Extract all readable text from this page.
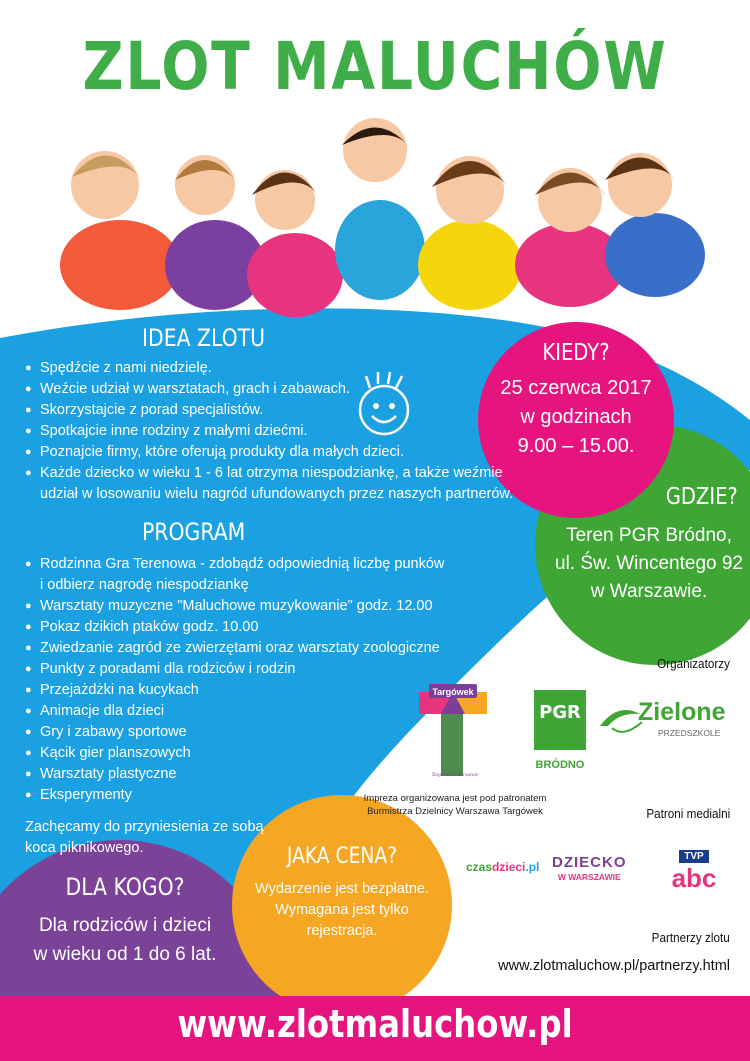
ZLOT MALUCHÓW
IDEA ZLOTU
● Spędźcie z nami niedzielę.
● Weźcie udział w warsztatach, grach i zabawach.
● Skorzystajcie z porad specjalistów.
● Spotkajcie inne rodziny z małymi dziećmi.
● Poznajcie firmy, które oferują produkty dla małych dzieci.
● Każde dziecko w wieku 1 - 6 lat otrzyma niespodziankę, a także weźmie
udział w losowaniu wielu nagród ufundowanych przez naszych partnerów.
PROGRAM
● Rodzinna Gra Terenowa - zdobądź odpowiednią liczbę punków
i odbierz nagrodę niespodziankę
● Warsztaty muzyczne "Maluchowe muzykowanie" godz. 12.00
● Pokaz dzikich ptaków godz. 10.00
● Zwiedzanie zagród ze zwierzętami oraz warsztaty zoologiczne
● Punkty z poradami dla rodziców i rodzin
● Przejażdżki na kucykach
● Animacje dla dzieci
● Gry i zabawy sportowe
● Kącik gier planszowych
● Warsztaty plastyczne
● Eksperymenty
Zachęcamy do przyniesienia ze sobą
koca piknikowego.
KIEDY?
25 czerwca 2017
w godzinach
9.00 – 15.00.
GDZIE?
Teren PGR Bródno,
ul. Św. Wincentego 92
w Warszawie.
DLA KOGO?
Dla rodziców i dzieci
w wieku od 1 do 6 lat.
JAKA CENA?
Wydarzenie jest bezpłatne.
Wymagana jest tylko
rejestracja.
Organizatorzy
Targówek
Targówek w Warszawie
PGR
BRÓDNO
Zielone
PRZEDSZKOLE
Impreza organizowana jest pod patronatem
Burmistrza Dzielnicy Warszawa Targówek	Patroni medialni
czasdzieci.pl DZIECKO
W WARSZAWIE
TVP
abc
Partnerzy zlotu
www.zlotmaluchow.pl/partnerzy.html
www.zlotmaluchow.pl
